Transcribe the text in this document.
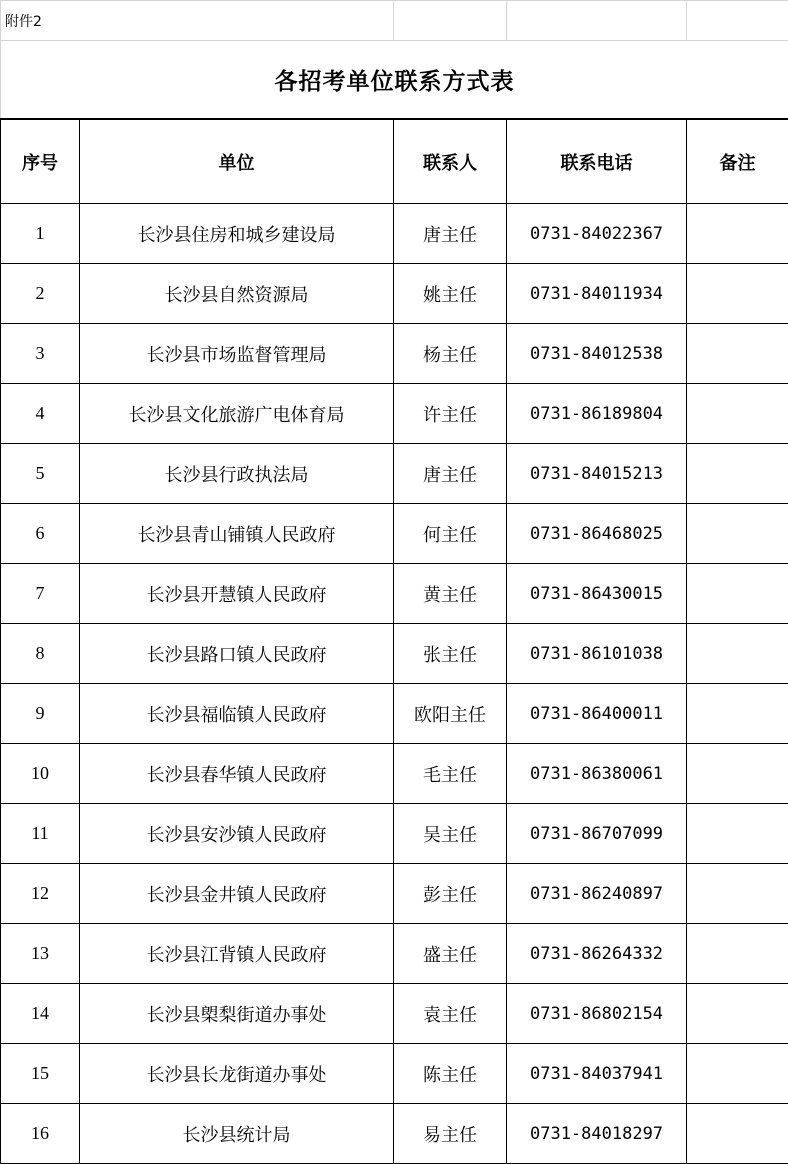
附件2				
各招考单位联系方式表				
序号	单位	联系人	联系电话	备注
1	长沙县住房和城乡建设局	唐主任	0731-84022367	
2	长沙县自然资源局	姚主任	0731-84011934	
3	长沙县市场监督管理局	杨主任	0731-84012538	
4	长沙县文化旅游广电体育局	许主任	0731-86189804	
5	长沙县行政执法局	唐主任	0731-84015213	
6	长沙县青山铺镇人民政府	何主任	0731-86468025	
7	长沙县开慧镇人民政府	黄主任	0731-86430015	
8	长沙县路口镇人民政府	张主任	0731-86101038	
9	长沙县福临镇人民政府	欧阳主任	0731-86400011	
10	长沙县春华镇人民政府	毛主任	0731-86380061	
11	长沙县安沙镇人民政府	吴主任	0731-86707099	
12	长沙县金井镇人民政府	彭主任	0731-86240897	
13	长沙县江背镇人民政府	盛主任	0731-86264332	
14	长沙县㮾梨街道办事处	袁主任	0731-86802154	
15	长沙县长龙街道办事处	陈主任	0731-84037941	
16	长沙县统计局	易主任	0731-84018297	
